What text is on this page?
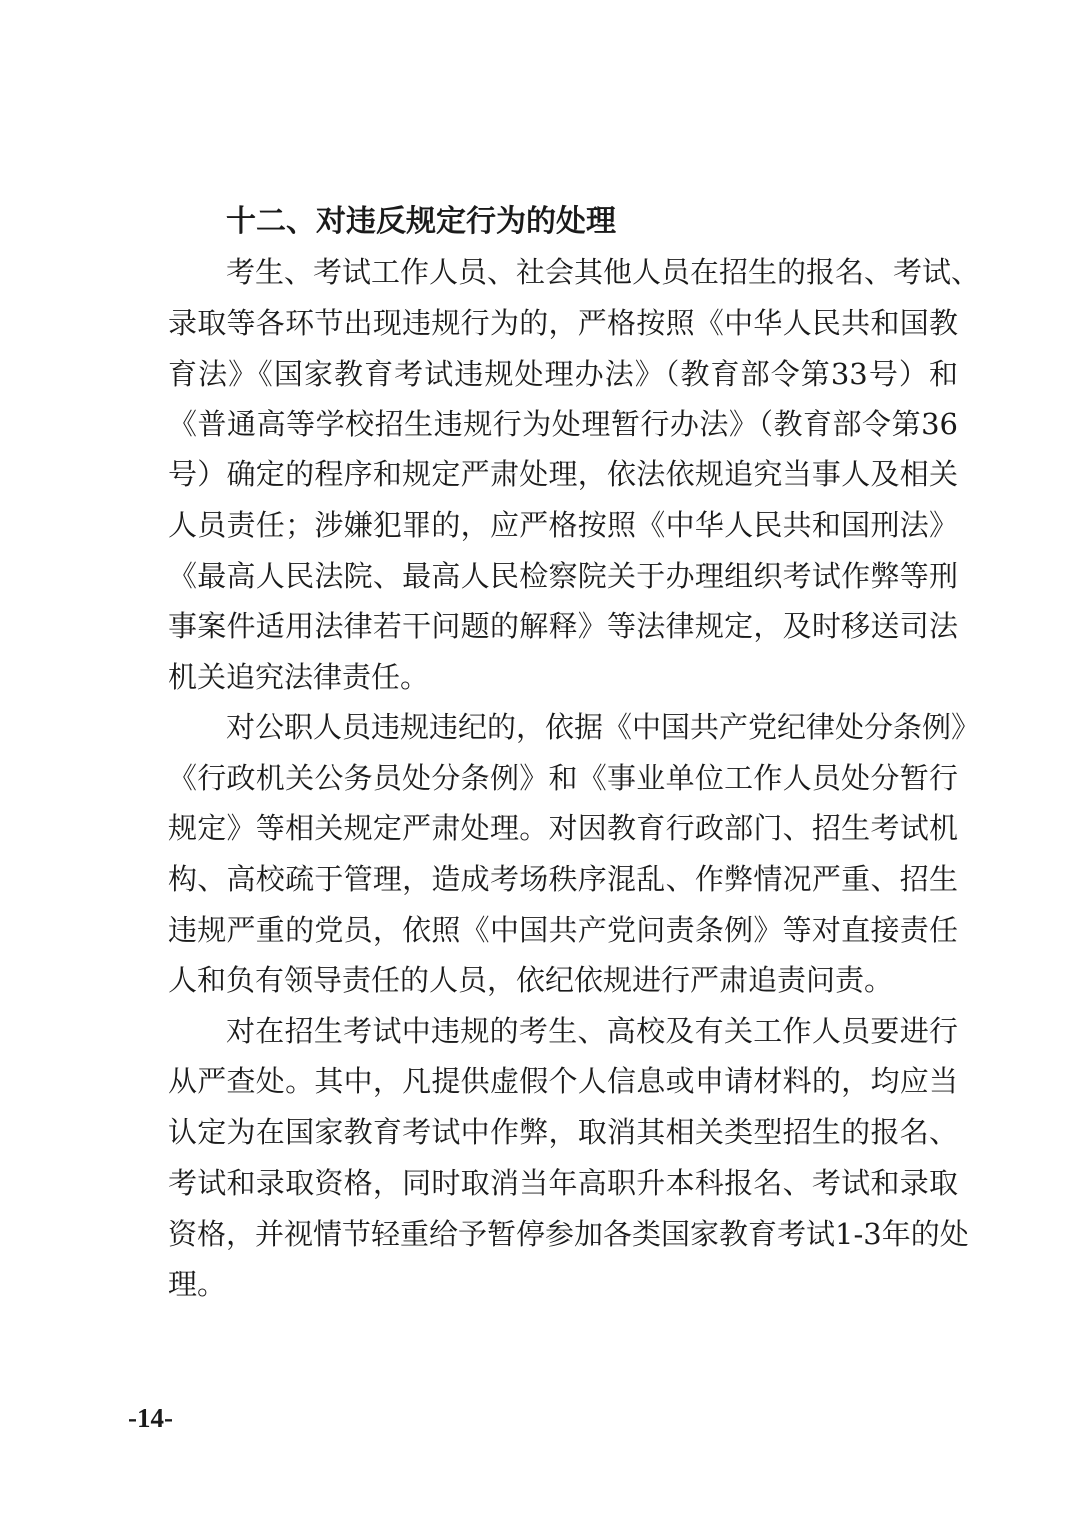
十二、对违反规定行为的处理
考生、考试工作人员、社会其他人员在招生的报名、考试、
录取等各环节出现违规行为的，严格按照《中华人民共和国教
育法》《国家教育考试违规处理办法》（教育部令第33号）和
《普通高等学校招生违规行为处理暂行办法》（教育部令第36
号）确定的程序和规定严肃处理，依法依规追究当事人及相关
人员责任；涉嫌犯罪的，应严格按照《中华人民共和国刑法》
《最高人民法院、最高人民检察院关于办理组织考试作弊等刑
事案件适用法律若干问题的解释》等法律规定，及时移送司法
机关追究法律责任。
对公职人员违规违纪的，依据《中国共产党纪律处分条例》
《行政机关公务员处分条例》和《事业单位工作人员处分暂行
规定》等相关规定严肃处理。对因教育行政部门、招生考试机
构、高校疏于管理，造成考场秩序混乱、作弊情况严重、招生
违规严重的党员，依照《中国共产党问责条例》等对直接责任
人和负有领导责任的人员，依纪依规进行严肃追责问责。
对在招生考试中违规的考生、高校及有关工作人员要进行
从严查处。其中，凡提供虚假个人信息或申请材料的，均应当
认定为在国家教育考试中作弊，取消其相关类型招生的报名、
考试和录取资格，同时取消当年高职升本科报名、考试和录取
资格，并视情节轻重给予暂停参加各类国家教育考试1-3年的处
理。
-14-
